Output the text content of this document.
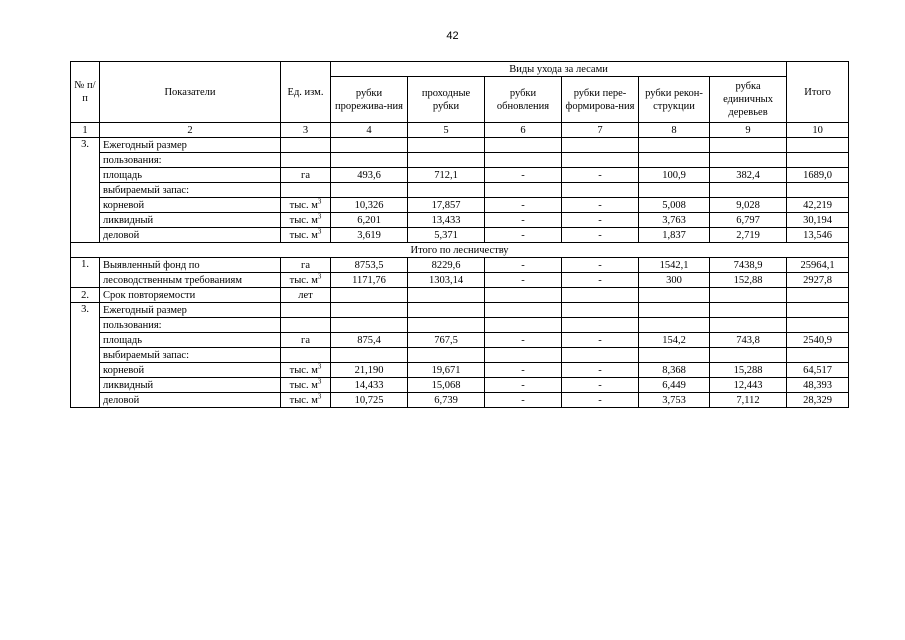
42
№ п/п	Показатели	Ед. изм.	Виды ухода за лесами						Итого
			рубки прорежива-ния	проходные рубки	рубки обновления	рубки пере-формирова-ния	рубки рекон-струкции	рубка единичных деревьев	
1	2	3	4	5	6	7	8	9	10
3.	Ежегодный размер								
	пользования:								
	площадь	га	493,6	712,1	-	-	100,9	382,4	1689,0
	выбираемый запас:								
	корневой	тыс. $м^3$	10,326	17,857	-	-	5,008	9,028	42,219
	ликвидный	тыс. $м^3$	6,201	13,433	-	-	3,763	6,797	30,194
	деловой	тыс. $м^3$	3,619	5,371	-	-	1,837	2,719	13,546
Итого по лесничеству									
1.	Выявленный фонд по	га	8753,5	8229,6	-	-	1542,1	7438,9	25964,1
	лесоводственным требованиям	тыс. $м^3$	1171,76	1303,14	-	-	300	152,88	2927,8
2.	Срок повторяемости	лет							
3.	Ежегодный размер								
	пользования:								
	площадь	га	875,4	767,5	-	-	154,2	743,8	2540,9
	выбираемый запас:								
	корневой	тыс. $м^3$	21,190	19,671	-	-	8,368	15,288	64,517
	ликвидный	тыс. $м^3$	14,433	15,068	-	-	6,449	12,443	48,393
	деловой	тыс. $м^3$	10,725	6,739	-	-	3,753	7,112	28,329
